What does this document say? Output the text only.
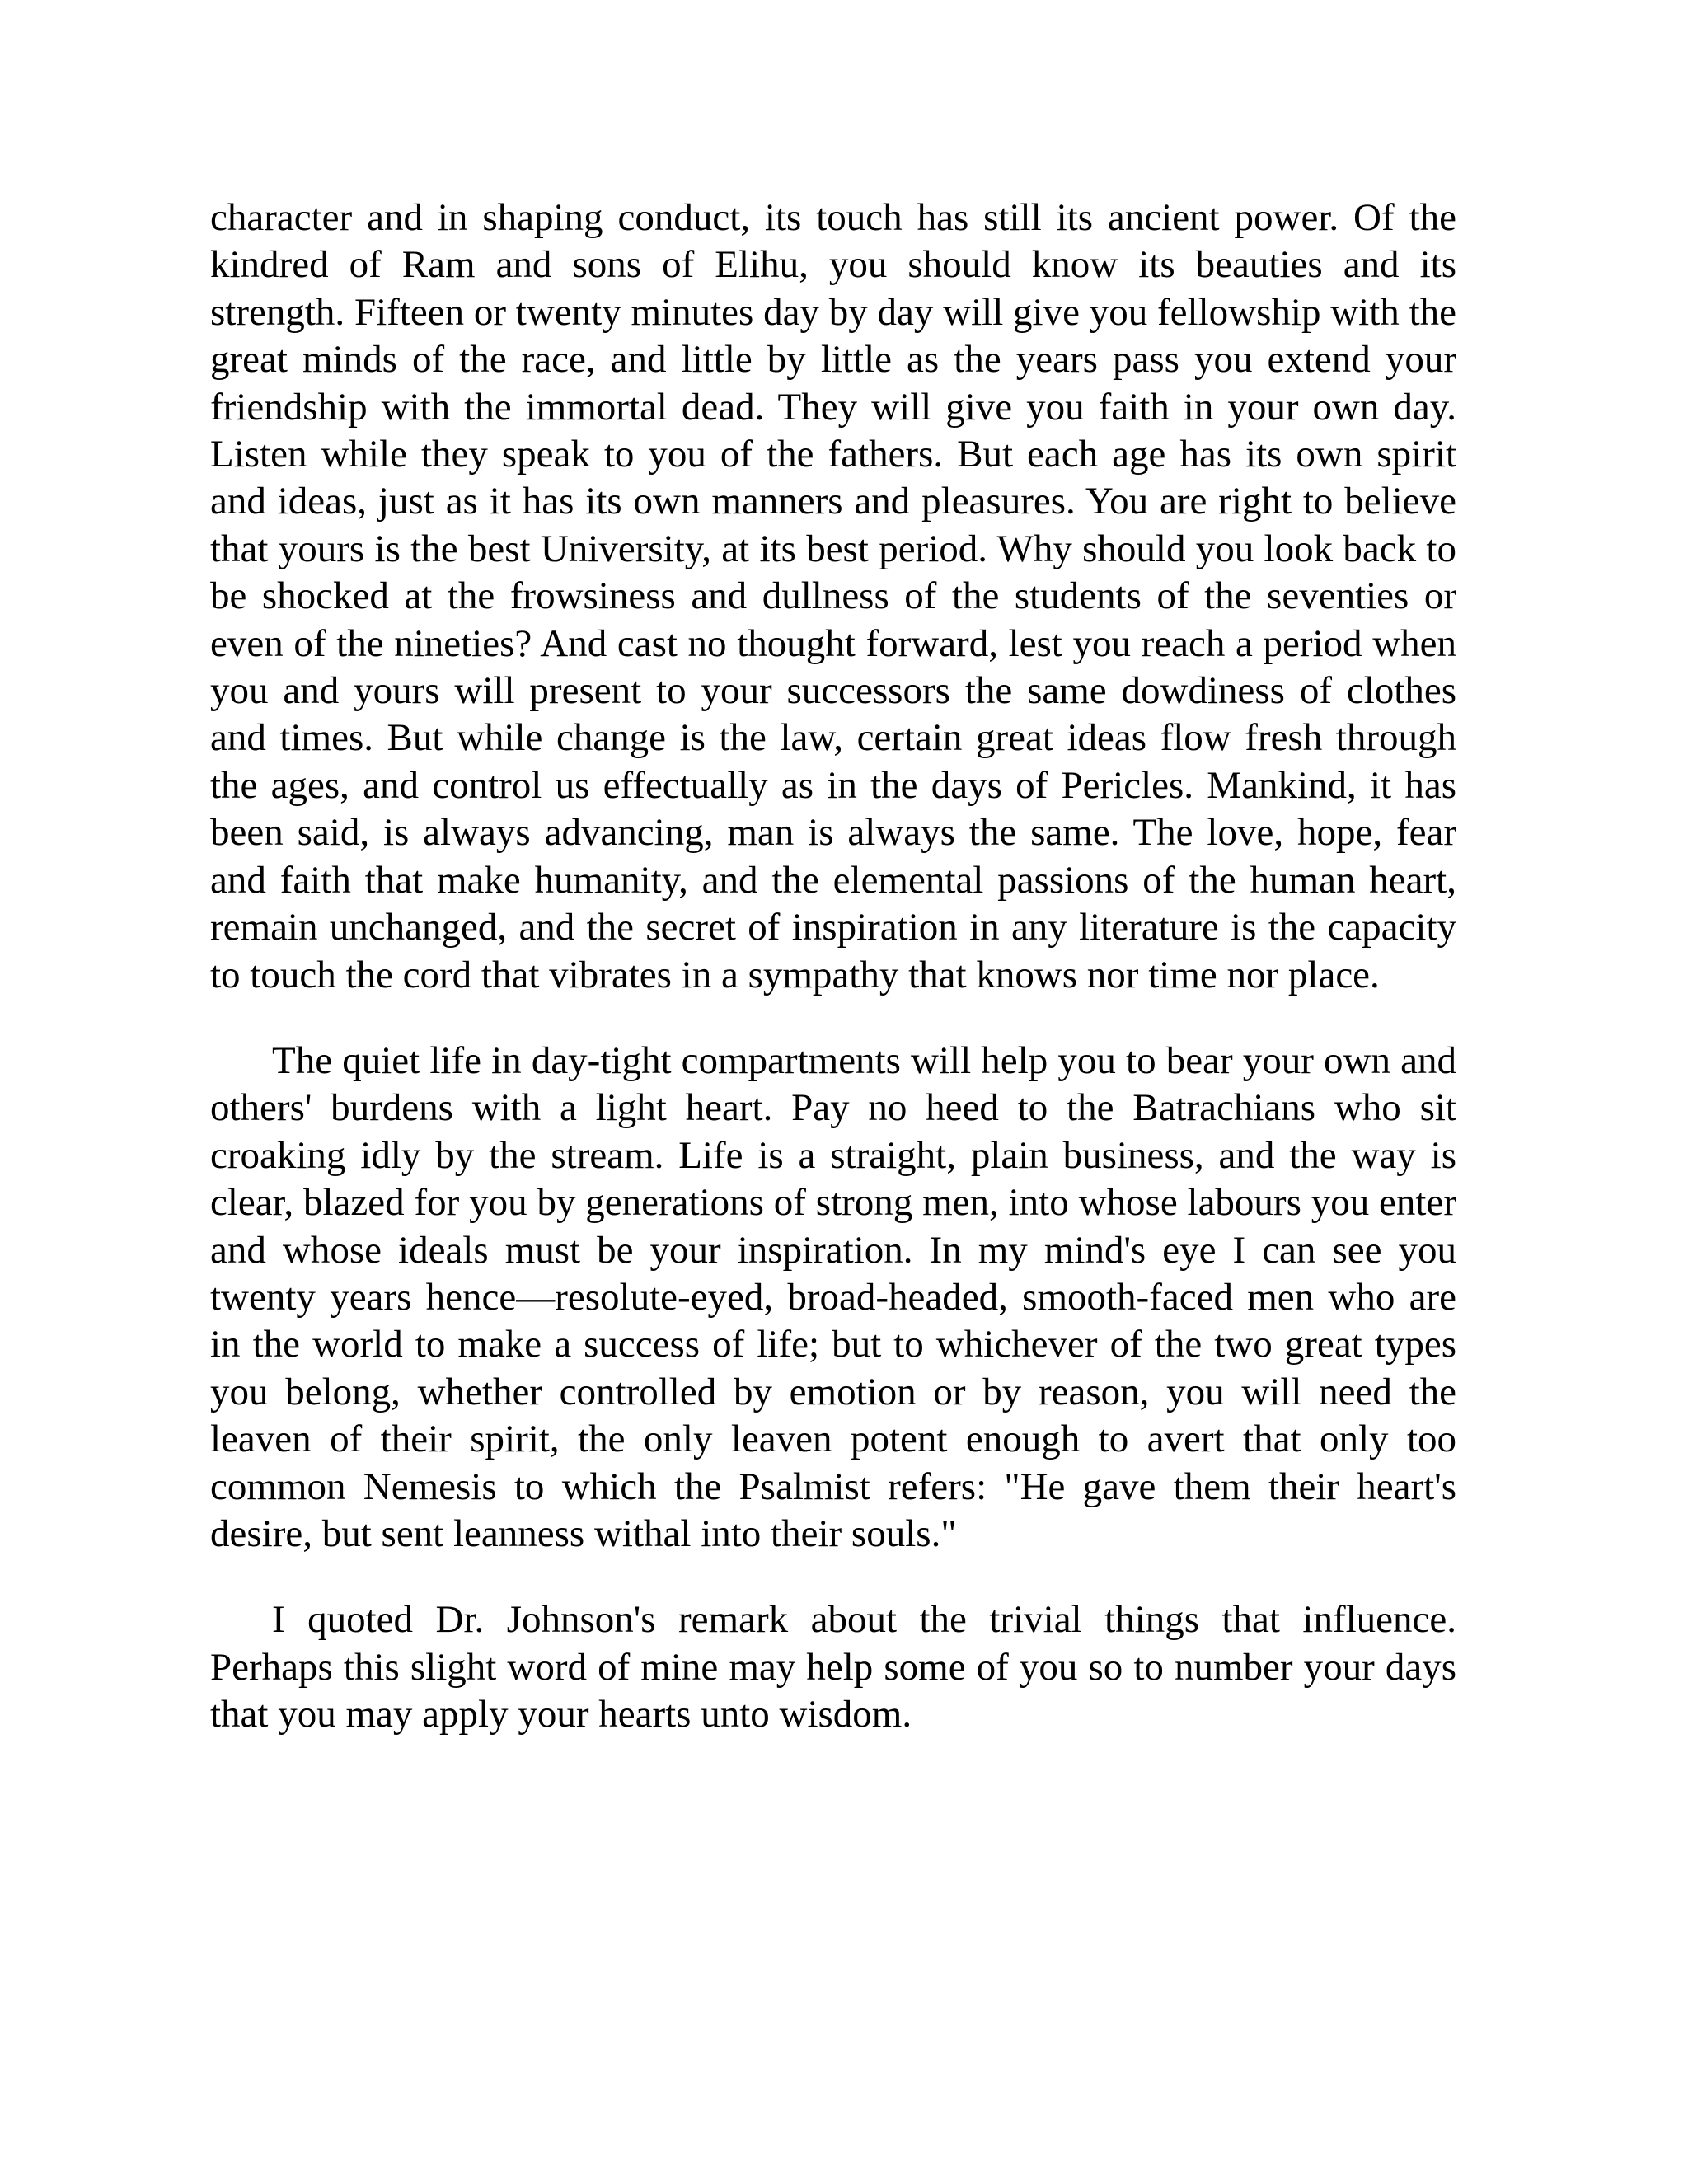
character and in shaping conduct, its touch has still its ancient power. Of the kindred of Ram and sons of Elihu, you should know its beauties and its strength. Fifteen or twenty minutes day by day will give you fellowship with the great minds of the race, and little by little as the years pass you extend your friendship with the immortal dead. They will give you faith in your own day. Listen while they speak to you of the fathers. But each age has its own spirit and ideas, just as it has its own manners and pleasures. You are right to believe that yours is the best University, at its best period. Why should you look back to be shocked at the frowsiness and dullness of the students of the seventies or even of the nineties? And cast no thought forward, lest you reach a period when you and yours will present to your successors the same dowdiness of clothes and times. But while change is the law, certain great ideas flow fresh through the ages, and control us effectually as in the days of Pericles. Mankind, it has been said, is always advancing, man is always the same. The love, hope, fear and faith that make humanity, and the elemental passions of the human heart, remain unchanged, and the secret of inspiration in any literature is the capacity to touch the cord that vibrates in a sympathy that knows nor time nor place.

The quiet life in day-tight compartments will help you to bear your own and others' burdens with a light heart. Pay no heed to the Batrachians who sit croaking idly by the stream. Life is a straight, plain business, and the way is clear, blazed for you by generations of strong men, into whose labours you enter and whose ideals must be your inspiration. In my mind's eye I can see you twenty years hence—resolute-eyed, broad-headed, smooth-faced men who are in the world to make a success of life; but to whichever of the two great types you belong, whether controlled by emotion or by reason, you will need the leaven of their spirit, the only leaven potent enough to avert that only too common Nemesis to which the Psalmist refers: "He gave them their heart's desire, but sent leanness withal into their souls."

I quoted Dr. Johnson's remark about the trivial things that influence. Perhaps this slight word of mine may help some of you so to number your days that you may apply your hearts unto wisdom.
